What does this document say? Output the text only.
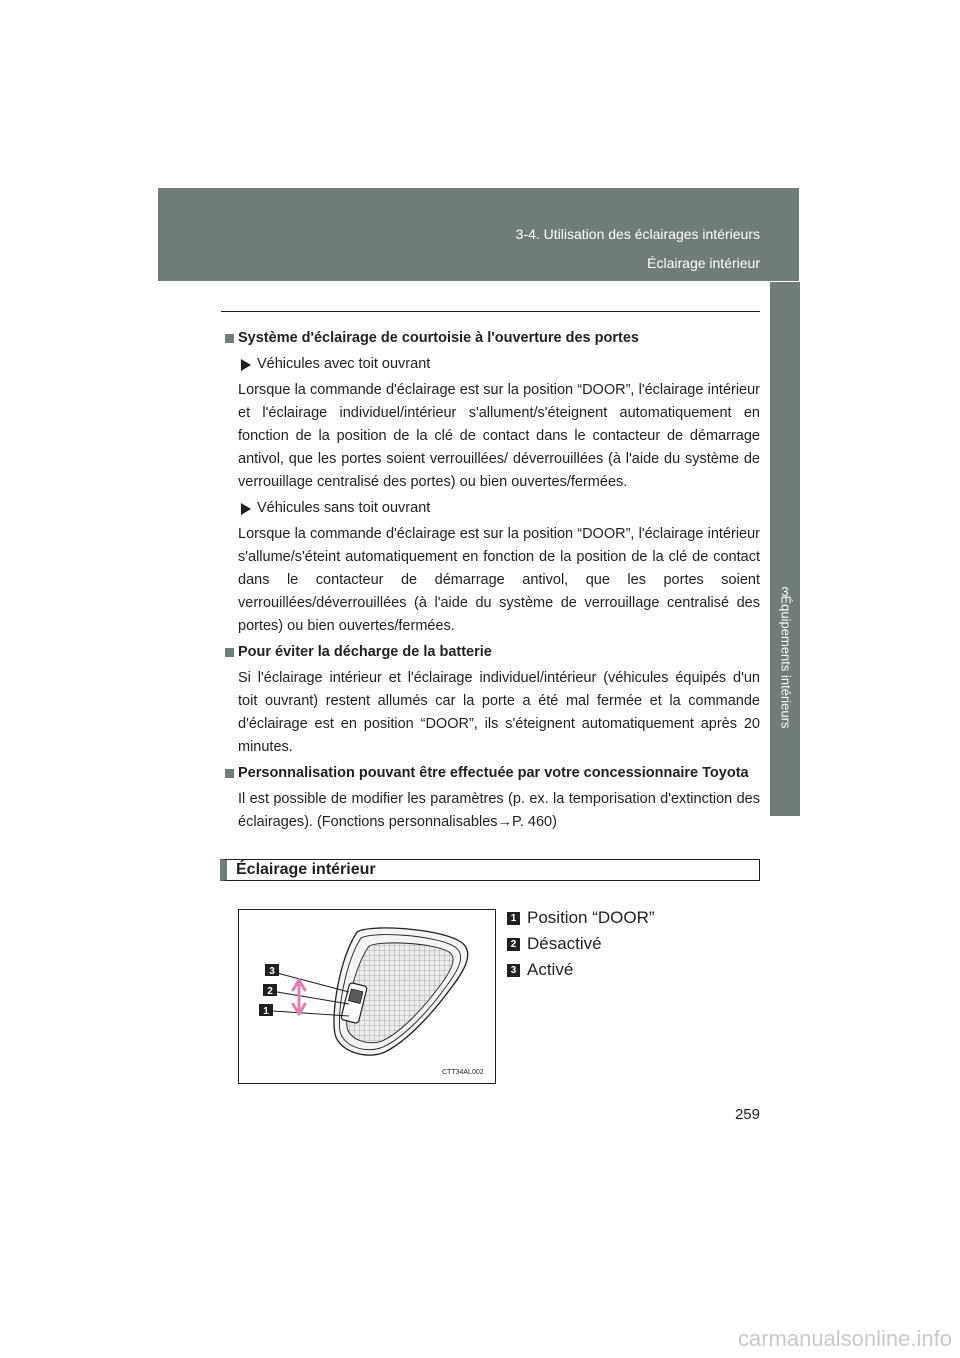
3-4. Utilisation des éclairages intérieurs
Éclairage intérieur
3
Équipements intérieurs
Système d'éclairage de courtoisie à l'ouverture des portes
Véhicules avec toit ouvrant
Lorsque la commande d'éclairage est sur la position “DOOR”, l'éclairage intérieur et l'éclairage individuel/intérieur s'allument/s'éteignent automatiquement en fonction de la position de la clé de contact dans le contacteur de démarrage antivol, que les portes soient verrouillées/ déverrouillées (à l'aide du système de verrouillage centralisé des portes) ou bien ouvertes/fermées.
Véhicules sans toit ouvrant
Lorsque la commande d'éclairage est sur la position “DOOR”, l'éclairage intérieur s'allume/s'éteint automatiquement en fonction de la position de la clé de contact dans le contacteur de démarrage antivol, que les portes soient verrouillées/déverrouillées (à l'aide du système de verrouillage centralisé des portes) ou bien ouvertes/fermées.
Pour éviter la décharge de la batterie
Si l'éclairage intérieur et l'éclairage individuel/intérieur (véhicules équipés d'un toit ouvrant) restent allumés car la porte a été mal fermée et la commande d'éclairage est en position “DOOR”, ils s'éteignent automatiquement après 20 minutes.
Personnalisation pouvant être effectuée par votre concessionnaire Toyota
Il est possible de modifier les paramètres (p. ex. la temporisation d'extinction des éclairages). (Fonctions personnalisables→P. 460)
Éclairage intérieur
3
2
1
CTT34AL002
1 Position “DOOR”
2 Désactivé
3 Activé
259
carmanualsonline.info
